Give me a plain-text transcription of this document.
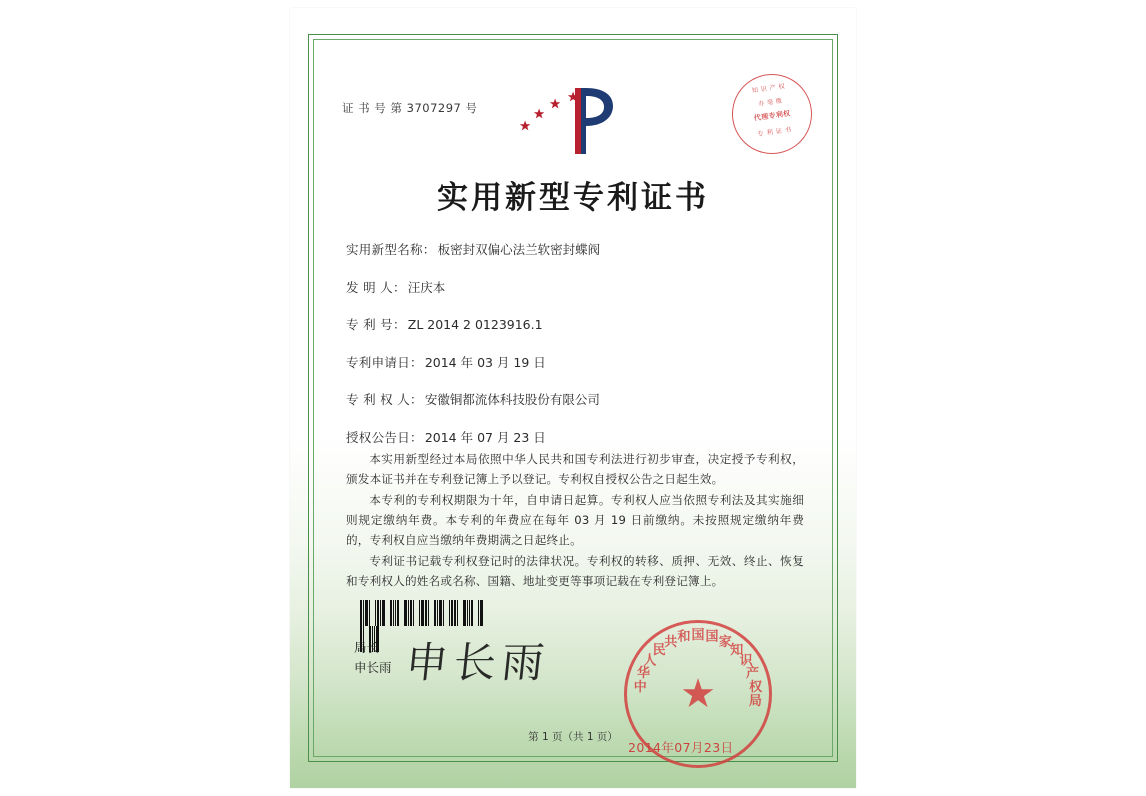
证 书 号 第 3707297 号
知 识 产 权
办 毫 缴
代理专利权
专 利 证 书
实用新型专利证书
实用新型名称： 板密封双偏心法兰软密封蝶阀
发 明 人： 汪庆本
专 利 号： ZL 2014 2 0123916.1
专利申请日： 2014 年 03 月 19 日
专 利 权 人： 安徽铜都流体科技股份有限公司
授权公告日： 2014 年 07 月 23 日
本实用新型经过本局依照中华人民共和国专利法进行初步审查，决定授予专利权，颁发本证书并在专利登记簿上予以登记。专利权自授权公告之日起生效。
本专利的专利权期限为十年，自申请日起算。专利权人应当依照专利法及其实施细则规定缴纳年费。本专利的年费应在每年 03 月 19 日前缴纳。未按照规定缴纳年费的，专利权自应当缴纳年费期满之日起终止。
专利证书记载专利权登记时的法律状况。专利权的转移、质押、无效、终止、恢复和专利权人的姓名或名称、国籍、地址变更等事项记载在专利登记簿上。

局长
申长雨 申长雨
中
华
人
民
共 和 国 国 家
知
识
产
权
局
★
2014年07月23日
第 1 页（共 1 页）
